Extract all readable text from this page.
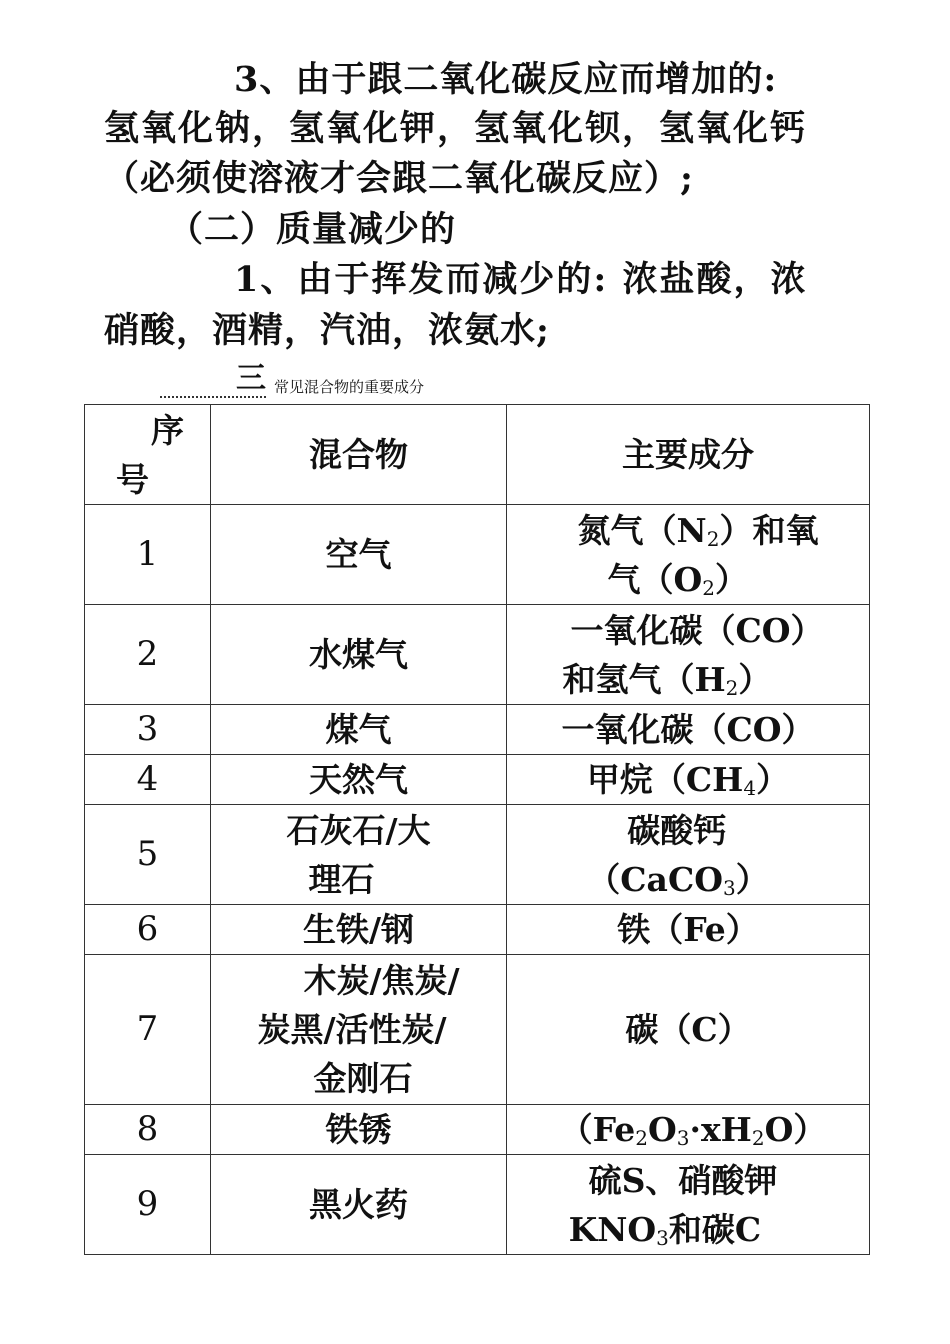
3、由于跟二氧化碳反应而增加的:
氢氧化钠，氢氧化钾，氢氧化钡，氢氧化钙
（必须使溶液才会跟二氧化碳反应）;
（二）质量减少的
1、由于挥发而减少的: 浓盐酸，浓
硝酸，酒精，汽油，浓氨水;
三 常见混合物的重要成分
序
号	混合物	主要成分
1	空气	氮气$(N_2)$和氧
气$(O_2)$
2	水煤气	一氧化碳（CO）
和氢气$(H_2)$
3	煤气	一氧化碳（CO）
4	天然气	甲烷$(CH_4)$
5	石灰石/大
理石	碳酸钙
（CaCO$_3$）
6	生铁/钢	铁（Fe）
7	木炭/焦炭/
炭黑/活性炭/
金刚石	碳（C）
8	铁锈	$(Fe_2O_3\cdot xH_2O)$
9	黑火药	硫S、硝酸钾
$KNO_3$和碳C
